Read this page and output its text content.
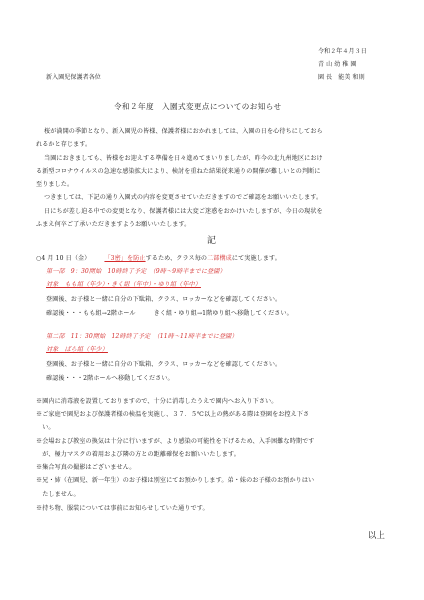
令和２年４月３日
青 山 幼 稚 園
園 長　能美 和則
新入園児保護者各位
令和２年度　入園式変更点についてのお知らせ
桜が満開の季節となり、新入園児の皆様、保護者様におかれましては、入園の日を心待ちにしておら
れるかと存じます。
当園におきましても、皆様をお迎えする準備を日々進めてまいりましたが、昨今の北九州地区におけ
る新型コロナウイルスの急速な感染拡大により、検討を重ねた結果従来通りの開催が難しいとの判断に
至りました。
つきましては、下記の通り入園式の内容を変更させていただきますのでご確認をお願いいたします。
日にちが差し迫る中での変更となり、保護者様には大変ご迷惑をおかけいたしますが、今日の現状を
ふまえ何卒ご了承いただきますようお願いいたします。
記
○4 月 10 日（金） 「3密」を防止するため、クラス毎の二部構成にて実施します。
第一部　9：30開始　10時終了予定　（9時～9時半までに登園）
対象　もも組（年少）・きく組（年中）・ゆり組（年中）
登園後、お子様と一緒に自分の下駄箱、クラス、ロッカーなどを確認してください。
確認後・・・もも組→2階ホール	きく組・ゆり組→1階ゆり組へ移動してください。
第二部　11：30開始　12時終了予定　（11時～11時半までに登園）
対象　ばら組（年少）
登園後、お子様と一緒に自分の下駄箱、クラス、ロッカーなどを確認してください。
確認後・・・2階ホールへ移動してください。
※園内に消毒液を設置しておりますので、十分に消毒したうえで園内へお入り下さい。
※ご家庭で園児および保護者様の検温を実施し、３７．５℃以上の熱がある際は登園をお控え下さ
　い。
※会場および教室の換気は十分に行いますが、より感染の可能性を下げるため、入手困難な時期です
　が、極力マスクの着用および隣の方との距離確保をお願いいたします。
※集合写真の撮影はございません。
※兄・姉（在園児、新一年生）のお子様は別室にてお預かりします。弟・妹のお子様のお預かりはい
　たしません。
※持ち物、服装については事前にお知らせしていた通りです。
以上
